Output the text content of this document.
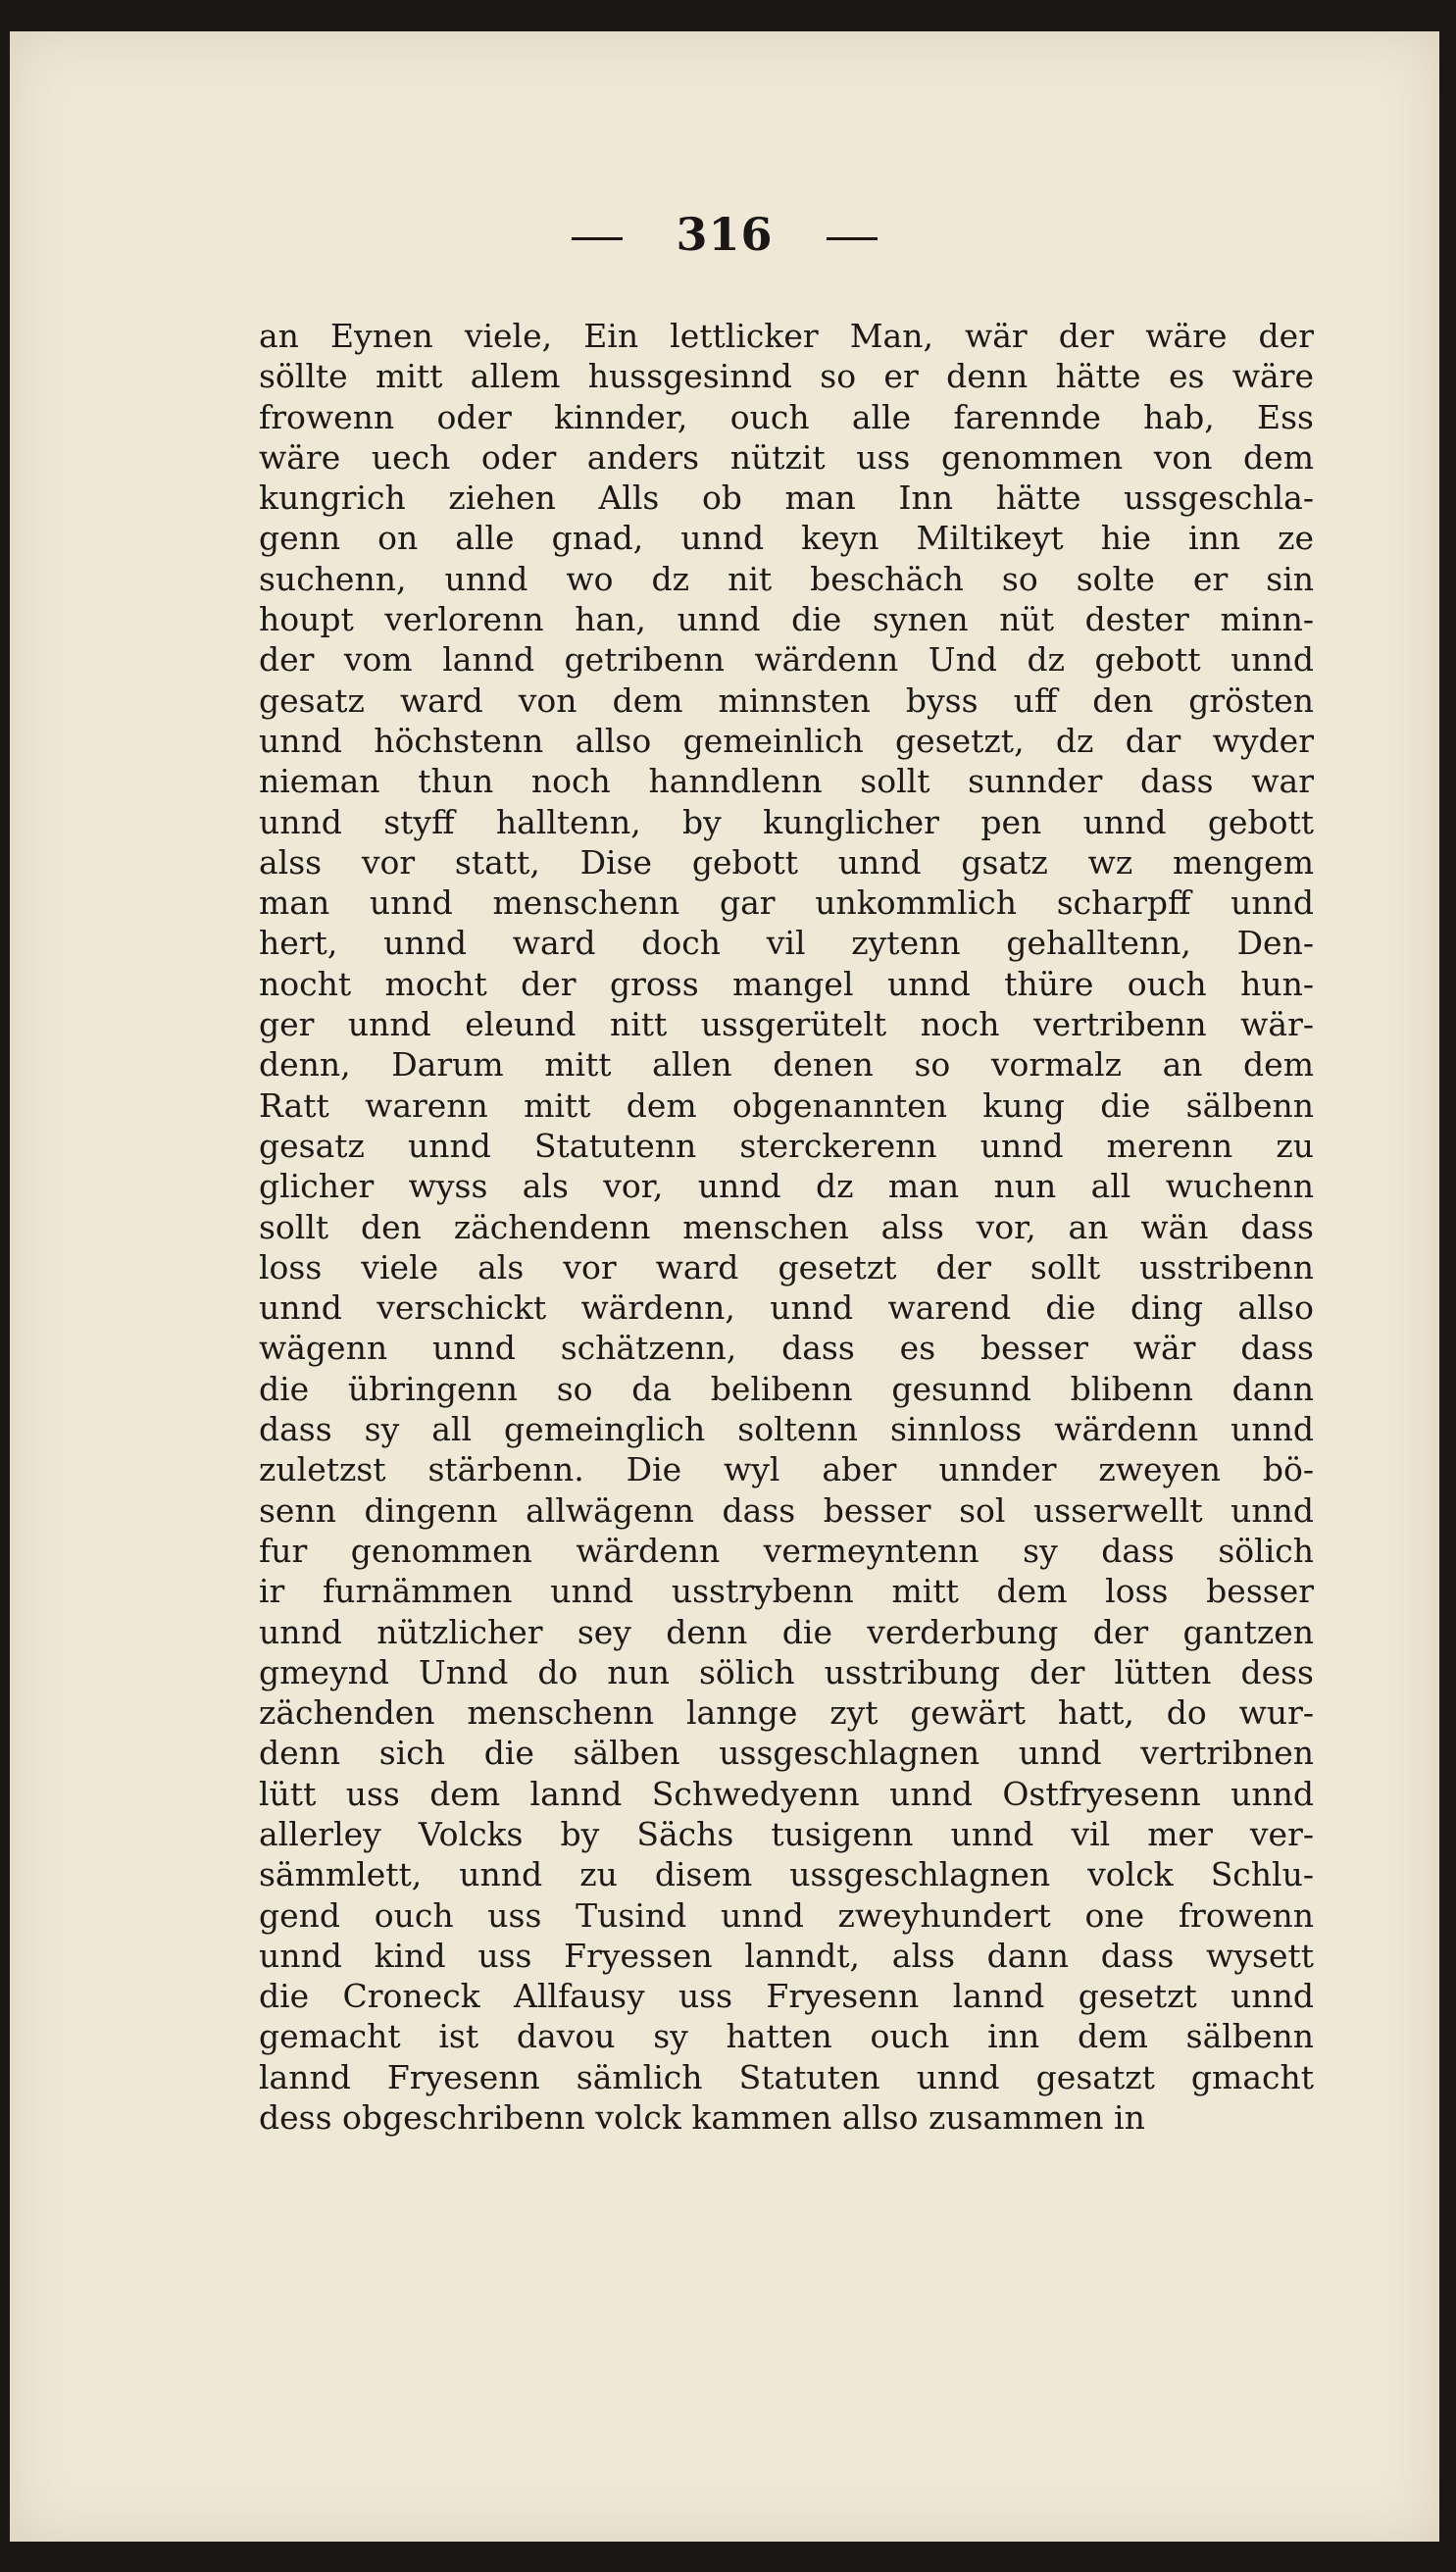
316
an Eynen viele, Ein lettlicker Man, wär der wäre der
söllte mitt allem hussgesinnd so er denn hätte es wäre
frowenn oder kinnder, ouch alle farennde hab, Ess
wäre uech oder anders nützit uss genommen von dem
kungrich ziehen Alls ob man Inn hätte ussgeschla-
genn on alle gnad, unnd keyn Miltikeyt hie inn ze
suchenn, unnd wo dz nit beschäch so solte er sin
houpt verlorenn han, unnd die synen nüt dester minn-
der vom lannd getribenn wärdenn Und dz gebott unnd
gesatz ward von dem minnsten byss uff den grösten
unnd höchstenn allso gemeinlich gesetzt, dz dar wyder
nieman thun noch hanndlenn sollt sunnder dass war
unnd styff halltenn, by kunglicher pen unnd gebott
alss vor statt, Dise gebott unnd gsatz wz mengem
man unnd menschenn gar unkommlich scharpff unnd
hert, unnd ward doch vil zytenn gehalltenn, Den-
nocht mocht der gross mangel unnd thüre ouch hun-
ger unnd eleund nitt ussgerütelt noch vertribenn wär-
denn, Darum mitt allen denen so vormalz an dem
Ratt warenn mitt dem obgenannten kung die sälbenn
gesatz unnd Statutenn sterckerenn unnd merenn zu
glicher wyss als vor, unnd dz man nun all wuchenn
sollt den zächendenn menschen alss vor, an wän dass
loss viele als vor ward gesetzt der sollt usstribenn
unnd verschickt wärdenn, unnd warend die ding allso
wägenn unnd schätzenn, dass es besser wär dass
die übringenn so da belibenn gesunnd blibenn dann
dass sy all gemeinglich soltenn sinnloss wärdenn unnd
zuletzst stärbenn. Die wyl aber unnder zweyen bö-
senn dingenn allwägenn dass besser sol usserwellt unnd
fur genommen wärdenn vermeyntenn sy dass sölich
ir furnämmen unnd usstrybenn mitt dem loss besser
unnd nützlicher sey denn die verderbung der gantzen
gmeynd Unnd do nun sölich usstribung der lütten dess
zächenden menschenn lannge zyt gewärt hatt, do wur-
denn sich die sälben ussgeschlagnen unnd vertribnen
lütt uss dem lannd Schwedyenn unnd Ostfryesenn unnd
allerley Volcks by Sächs tusigenn unnd vil mer ver-
sämmlett, unnd zu disem ussgeschlagnen volck Schlu-
gend ouch uss Tusind unnd zweyhundert one frowenn
unnd kind uss Fryessen lanndt, alss dann dass wysett
die Croneck Allfausy uss Fryesenn lannd gesetzt unnd
gemacht ist davou sy hatten ouch inn dem sälbenn
lannd Fryesenn sämlich Statuten unnd gesatzt gmacht
dess obgeschribenn volck kammen allso zusammen in
